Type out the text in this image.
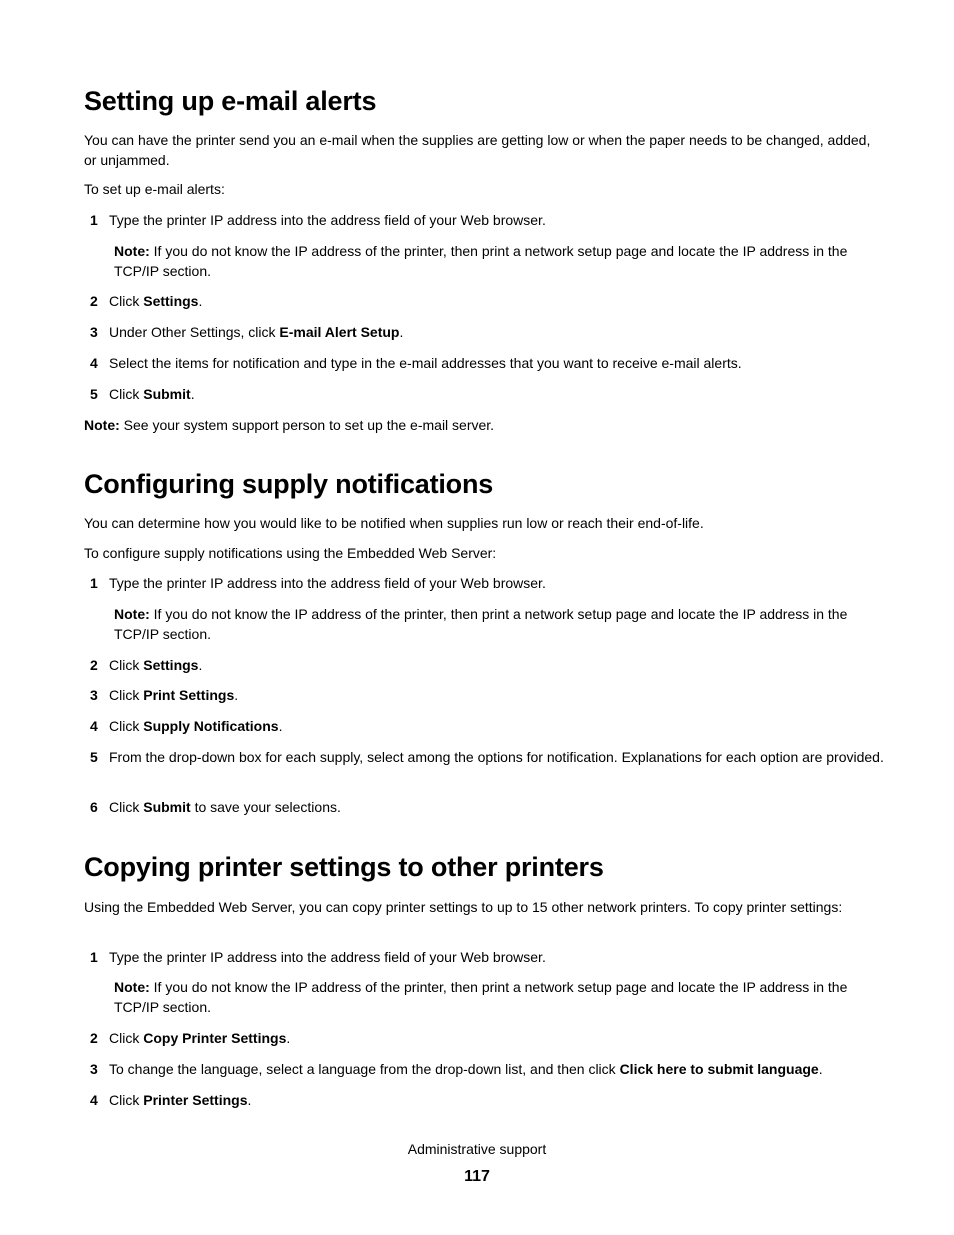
Setting up e-mail alerts

You can have the printer send you an e-mail when the supplies are getting low or when the paper needs to be changed, added, or unjammed.

To set up e-mail alerts:

1 Type the printer IP address into the address field of your Web browser.
Note: If you do not know the IP address of the printer, then print a network setup page and locate the IP address in the TCP/IP section.
2 Click Settings.
3 Under Other Settings, click E-mail Alert Setup.
4 Select the items for notification and type in the e-mail addresses that you want to receive e-mail alerts.
5 Click Submit.

Note: See your system support person to set up the e-mail server.

Configuring supply notifications

You can determine how you would like to be notified when supplies run low or reach their end-of-life.

To configure supply notifications using the Embedded Web Server:

1 Type the printer IP address into the address field of your Web browser.
Note: If you do not know the IP address of the printer, then print a network setup page and locate the IP address in the TCP/IP section.
2 Click Settings.
3 Click Print Settings.
4 Click Supply Notifications.
5 From the drop-down box for each supply, select among the options for notification. Explanations for each option are provided.
6 Click Submit to save your selections.
Copying printer settings to other printers

Using the Embedded Web Server, you can copy printer settings to up to 15 other network printers. To copy printer settings:

1 Type the printer IP address into the address field of your Web browser.
Note: If you do not know the IP address of the printer, then print a network setup page and locate the IP address in the TCP/IP section.
2 Click Copy Printer Settings.
3 To change the language, select a language from the drop-down list, and then click Click here to submit language.
4 Click Printer Settings.
Administrative support
117
